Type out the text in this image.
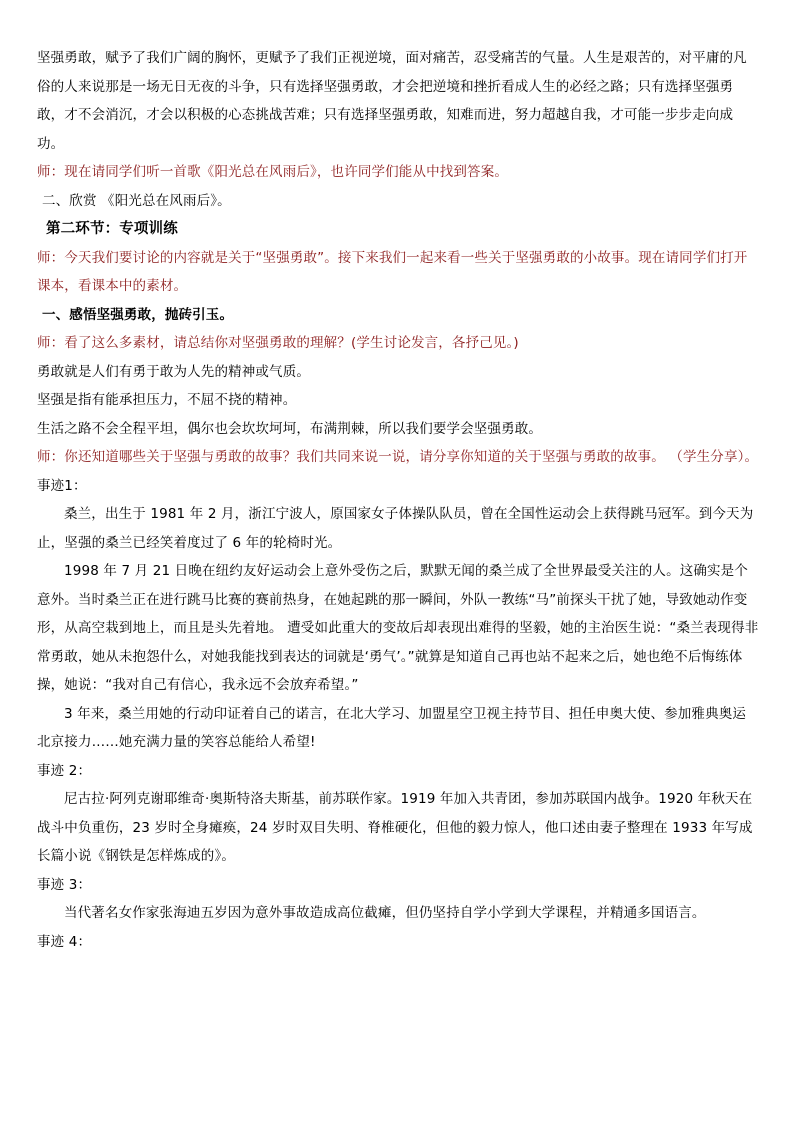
坚强勇敢，赋予了我们广阔的胸怀，更赋予了我们正视逆境，面对痛苦，忍受痛苦的气量。人生是艰苦的，对平庸的凡俗的人来说那是一场无日无夜的斗争，只有选择坚强勇敢，才会把逆境和挫折看成人生的必经之路；只有选择坚强勇敢，才不会消沉，才会以积极的心态挑战苦难；只有选择坚强勇敢，知难而进，努力超越自我，才可能一步步走向成功。

师：现在请同学们听一首歌《阳光总在风雨后》，也许同学们能从中找到答案。

二、欣赏 《阳光总在风雨后》。

第二环节：专项训练

师：今天我们要讨论的内容就是关于“坚强勇敢”。接下来我们一起来看一些关于坚强勇敢的小故事。现在请同学们打开课本，看课本中的素材。

一、感悟坚强勇敢，抛砖引玉。

师：看了这么多素材，请总结你对坚强勇敢的理解？(学生讨论发言，各抒己见。)

勇敢就是人们有勇于敢为人先的精神或气质。

坚强是指有能承担压力，不屈不挠的精神。

生活之路不会全程平坦，偶尔也会坎坎坷坷，布满荆棘，所以我们要学会坚强勇敢。

师：你还知道哪些关于坚强与勇敢的故事？我们共同来说一说，请分享你知道的关于坚强与勇敢的故事。 （学生分享）。

事迹1：

桑兰，出生于 1981 年 2 月，浙江宁波人，原国家女子体操队队员，曾在全国性运动会上获得跳马冠军。到今天为止，坚强的桑兰已经笑着度过了 6 年的轮椅时光。

1998 年 7 月 21 日晚在纽约友好运动会上意外受伤之后，默默无闻的桑兰成了全世界最受关注的人。这确实是个意外。当时桑兰正在进行跳马比赛的赛前热身，在她起跳的那一瞬间，外队一教练“马”前探头干扰了她，导致她动作变形，从高空栽到地上，而且是头先着地。 遭受如此重大的变故后却表现出难得的坚毅，她的主治医生说：“桑兰表现得非常勇敢，她从未抱怨什么，对她我能找到表达的词就是‘勇气’。”就算是知道自己再也站不起来之后，她也绝不后悔练体操，她说：“我对自己有信心，我永远不会放弃希望。”

3 年来，桑兰用她的行动印证着自己的诺言，在北大学习、加盟星空卫视主持节目、担任申奥大使、参加雅典奥运北京接力……她充满力量的笑容总能给人希望!

事迹 2：

尼古拉·阿列克谢耶维奇·奥斯特洛夫斯基，前苏联作家。1919 年加入共青团，参加苏联国内战争。1920 年秋天在战斗中负重伤，23 岁时全身瘫痪，24 岁时双目失明、脊椎硬化，但他的毅力惊人，他口述由妻子整理在 1933 年写成长篇小说《钢铁是怎样炼成的》。

事迹 3：

当代著名女作家张海迪五岁因为意外事故造成高位截瘫，但仍坚持自学小学到大学课程，并精通多国语言。

事迹 4：
